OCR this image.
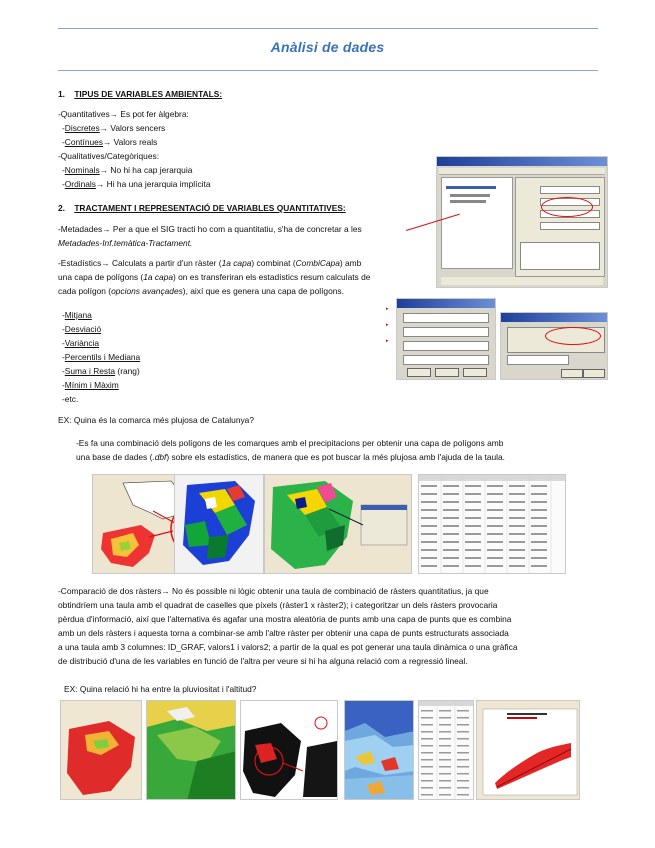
Anàlisi de dades
1. TIPUS DE VARIABLES AMBIENTALS:
-Quantitatives→ Es pot fer àlgebra:
-Discretes→ Valors sencers
-Contínues→ Valors reals
-Qualitatives/Categòriques:
-Nominals→ No hi ha cap jerarquia
-Ordinals→ Hi ha una jerarquia implícita
2. TRACTAMENT I REPRESENTACIÓ DE VARIABLES QUANTITATIVES:
-Metadades→ Per a que el SIG tracti ho com a quantitatiu, s'ha de concretar a les
Metadades-Inf.temàtica-Tractament.
-Estadístics→ Calculats a partir d'un ràster (1a capa) combinat (CombiCapa) amb
una capa de polígons (1a capa) on es transferiran els estadístics resum calculats de
cada polígon (opcions avançades), així que es genera una capa de polígons.
-Mitjana
-Desviació
-Variància
-Percentils i Mediana
-Suma i Resta (rang)
-Mínim i Màxim
-etc.
EX: Quina és la comarca més plujosa de Catalunya?
-Es fa una combinació dels polígons de les comarques amb el precipitacions per obtenir una capa de polígons amb
una base de dades (.dbf) sobre els estadístics, de manera que es pot buscar la més plujosa amb l'ajuda de la taula.
-Comparació de dos ràsters→ No és possible ni lògic obtenir una taula de combinació de ràsters quantitatius, ja que
obtindríem una taula amb el quadrat de caselles que píxels (ràster1 x ràster2); i categoritzar un dels ràsters provocaria
pèrdua d'informació, així que l'alternativa és agafar una mostra aleatòria de punts amb una capa de punts que es combina
amb un dels ràsters i aquesta torna a combinar-se amb l'altre ràster per obtenir una capa de punts estructurats associada
a una taula amb 3 columnes: ID_GRAF, valors1 i valors2; a partir de la qual es pot generar una taula dinàmica o una gràfica
de distribució d'una de les variables en funció de l'altra per veure si hi ha alguna relació com a regressió lineal.
EX: Quina relació hi ha entre la pluviositat i l'altitud?
▸
▸
▸
